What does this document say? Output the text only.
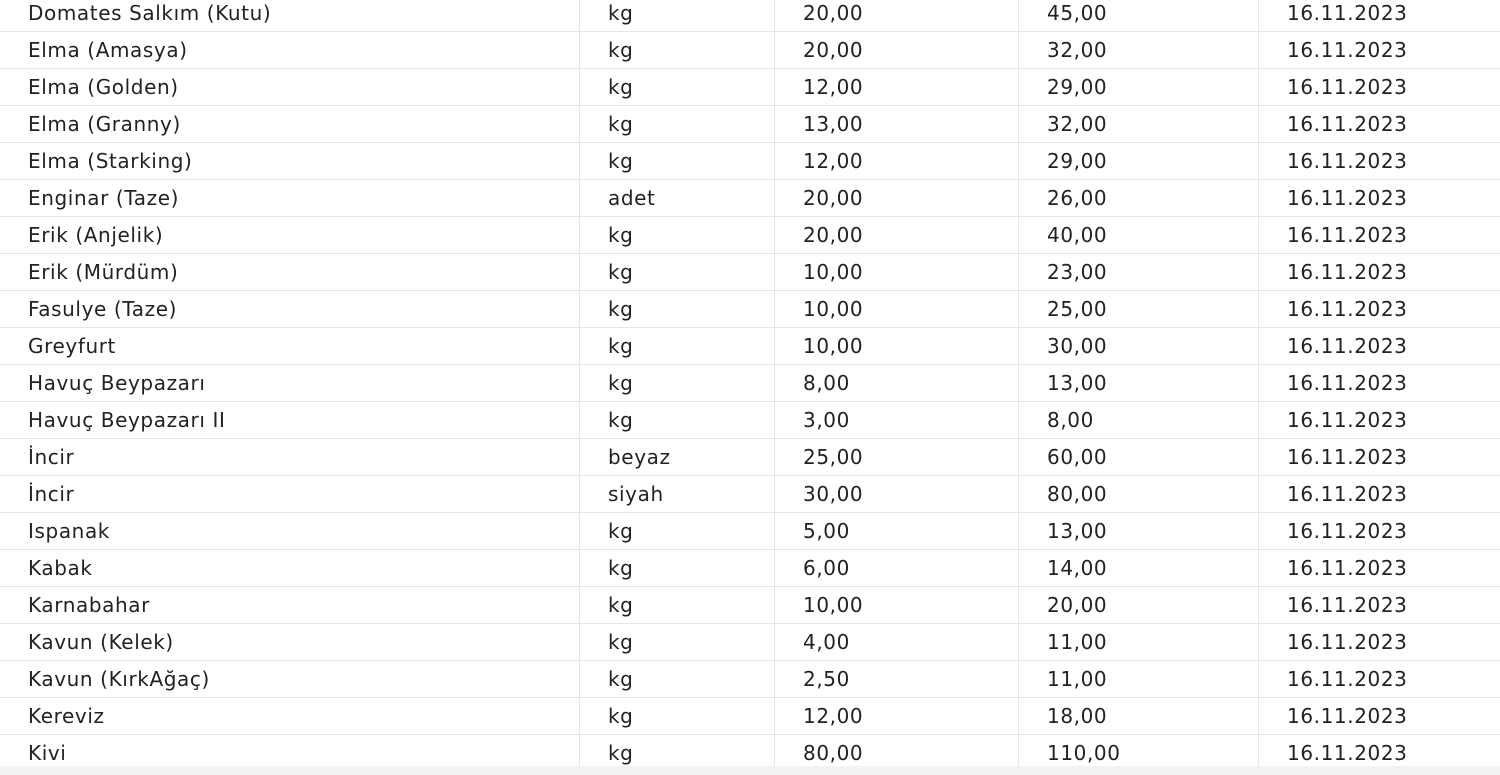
Domates Salkım (Kutu)	kg	20,00	45,00	16.11.2023
Elma (Amasya)	kg	20,00	32,00	16.11.2023
Elma (Golden)	kg	12,00	29,00	16.11.2023
Elma (Granny)	kg	13,00	32,00	16.11.2023
Elma (Starking)	kg	12,00	29,00	16.11.2023
Enginar (Taze)	adet	20,00	26,00	16.11.2023
Erik (Anjelik)	kg	20,00	40,00	16.11.2023
Erik (Mürdüm)	kg	10,00	23,00	16.11.2023
Fasulye (Taze)	kg	10,00	25,00	16.11.2023
Greyfurt	kg	10,00	30,00	16.11.2023
Havuç Beypazarı	kg	8,00	13,00	16.11.2023
Havuç Beypazarı II	kg	3,00	8,00	16.11.2023
İncir	beyaz	25,00	60,00	16.11.2023
İncir	siyah	30,00	80,00	16.11.2023
Ispanak	kg	5,00	13,00	16.11.2023
Kabak	kg	6,00	14,00	16.11.2023
Karnabahar	kg	10,00	20,00	16.11.2023
Kavun (Kelek)	kg	4,00	11,00	16.11.2023
Kavun (KırkAğaç)	kg	2,50	11,00	16.11.2023
Kereviz	kg	12,00	18,00	16.11.2023
Kivi	kg	80,00	110,00	16.11.2023
